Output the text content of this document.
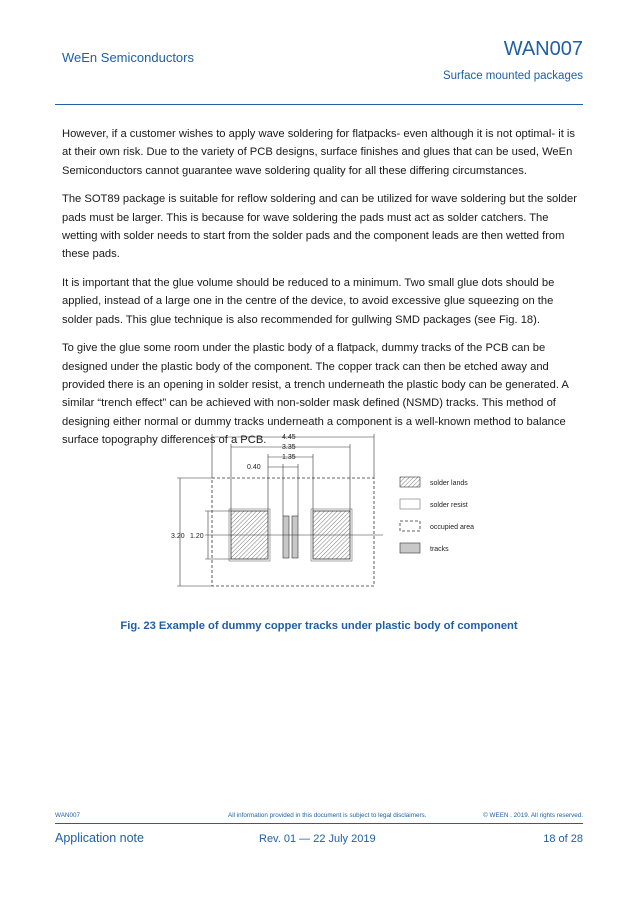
WeEn Semiconductors	WAN007
Surface mounted packages

However, if a customer wishes to apply wave soldering for flatpacks- even although it is not optimal- it is at their own risk. Due to the variety of PCB designs, surface finishes and glues that can be used, WeEn Semiconductors cannot guarantee wave soldering quality for all these differing circumstances.

The SOT89 package is suitable for reflow soldering and can be utilized for wave soldering but the solder pads must be larger. This is because for wave soldering the pads must act as solder catchers. The wetting with solder needs to start from the solder pads and the component leads are then wetted from these pads.

It is important that the glue volume should be reduced to a minimum. Two small glue dots should be applied, instead of a large one in the centre of the device, to avoid excessive glue squeezing on the solder pads. This glue technique is also recommended for gullwing SMD packages (see Fig. 18).

To give the glue some room under the plastic body of a flatpack, dummy tracks of the PCB can be designed under the plastic body of the component. The copper track can then be etched away and provided there is an opening in solder resist, a trench underneath the plastic body can be generated. A similar “trench effect” can be achieved with non-solder mask defined (NSMD) tracks. This method of designing either normal or dummy tracks underneath a component is a well-known method to balance surface topography differences of a PCB.	4.45
3.35
1.35
0.40
3.20 1.20
solder lands
solder resist
occupied area
tracks
Fig. 23 Example of dummy copper tracks under plastic body of component
WAN007	All information provided in this document is subject to legal disclaimers.	© WEEN . 2019. All rights reserved.
Application note	Rev. 01 — 22 July 2019	18 of 28
